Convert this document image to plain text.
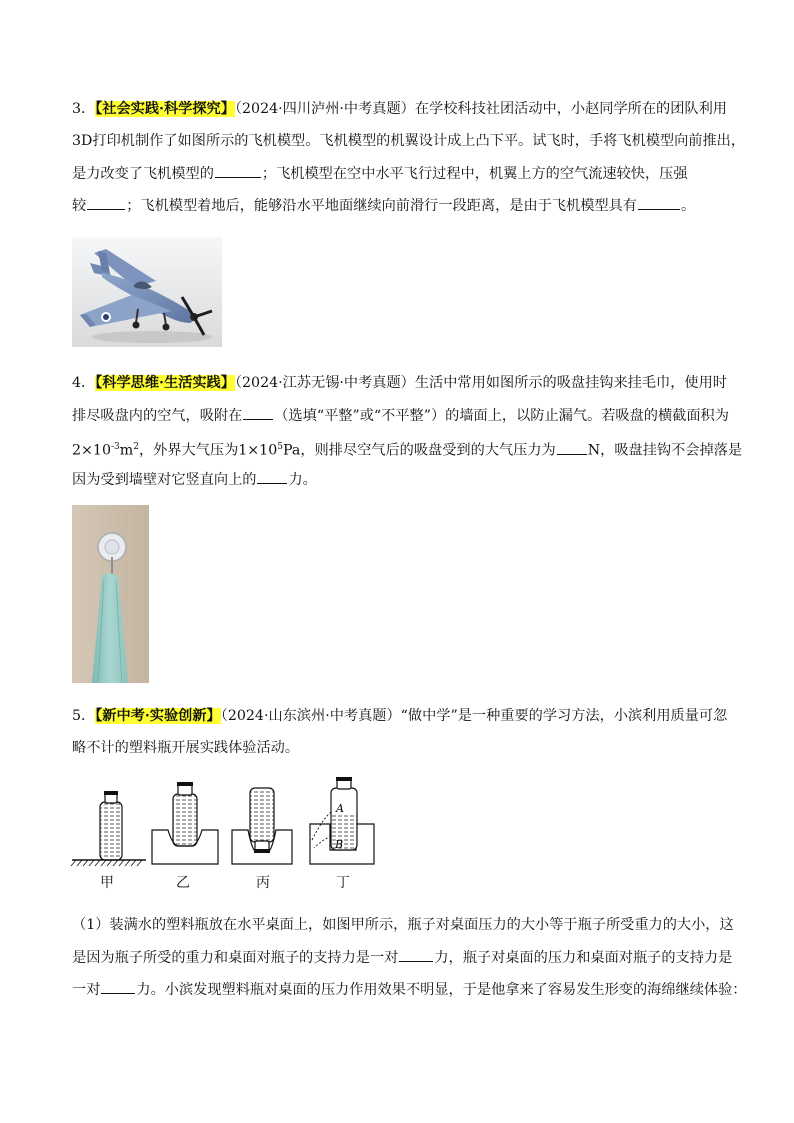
3．【社会实践·科学探究】（2024·四川泸州·中考真题）在学校科技社团活动中，小赵同学所在的团队利用
3D打印机制作了如图所示的飞机模型。飞机模型的机翼设计成上凸下平。试飞时，手将飞机模型向前推出，
是力改变了飞机模型的	；飞机模型在空中水平飞行过程中，机翼上方的空气流速较快，压强
较	；飞机模型着地后，能够沿水平地面继续向前滑行一段距离，是由于飞机模型具有	。
4．【科学思维·生活实践】（2024·江苏无锡·中考真题）生活中常用如图所示的吸盘挂钩来挂毛巾，使用时
排尽吸盘内的空气，吸附在 （选填“平整”或“不平整”）的墙面上，以防止漏气。若吸盘的横截面积为
$2\times 10^{-3}m^2$，外界大气压为$1\times 10^5Pa$，则排尽空气后的吸盘受到的大气压力为 N，吸盘挂钩不会掉落是
因为受到墙壁对它竖直向上的 力。
5．【新中考·实验创新】（2024·山东滨州·中考真题）“做中学”是一种重要的学习方法，小滨利用质量可忽
略不计的塑料瓶开展实践体验活动。
A
B
甲	乙	丙	丁
（1）装满水的塑料瓶放在水平桌面上，如图甲所示，瓶子对桌面压力的大小等于瓶子所受重力的大小，这
是因为瓶子所受的重力和桌面对瓶子的支持力是一对	力，瓶子对桌面的压力和桌面对瓶子的支持力是
一对	力。小滨发现塑料瓶对桌面的压力作用效果不明显，于是他拿来了容易发生形变的海绵继续体验：
